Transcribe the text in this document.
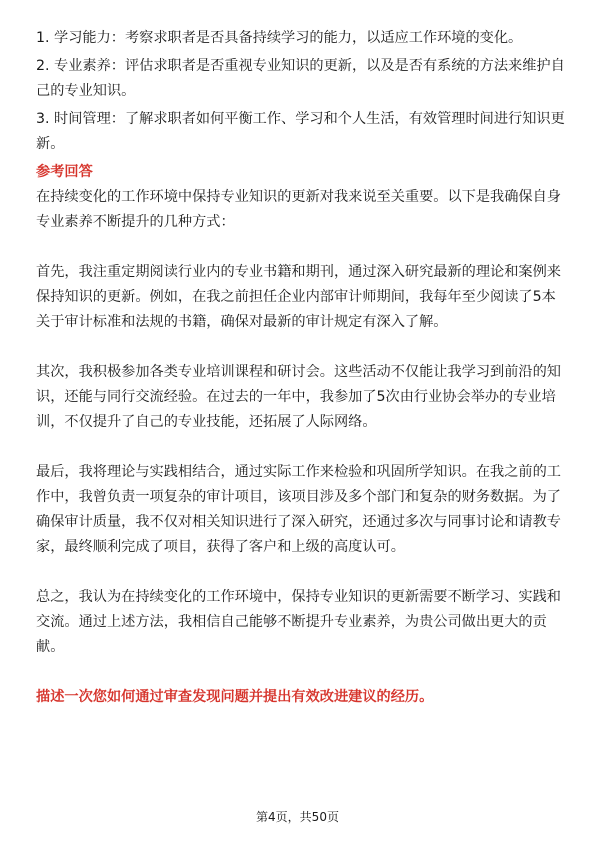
1. 学习能力：考察求职者是否具备持续学习的能力，以适应工作环境的变化。

2. 专业素养：评估求职者是否重视专业知识的更新，以及是否有系统的方法来维护自己的专业知识。

3. 时间管理：了解求职者如何平衡工作、学习和个人生活，有效管理时间进行知识更新。

参考回答

在持续变化的工作环境中保持专业知识的更新对我来说至关重要。以下是我确保自身专业素养不断提升的几种方式：

首先，我注重定期阅读行业内的专业书籍和期刊，通过深入研究最新的理论和案例来保持知识的更新。例如，在我之前担任企业内部审计师期间，我每年至少阅读了5本关于审计标准和法规的书籍，确保对最新的审计规定有深入了解。

其次，我积极参加各类专业培训课程和研讨会。这些活动不仅能让我学习到前沿的知识，还能与同行交流经验。在过去的一年中，我参加了5次由行业协会举办的专业培训，不仅提升了自己的专业技能，还拓展了人际网络。

最后，我将理论与实践相结合，通过实际工作来检验和巩固所学知识。在我之前的工作中，我曾负责一项复杂的审计项目，该项目涉及多个部门和复杂的财务数据。为了确保审计质量，我不仅对相关知识进行了深入研究，还通过多次与同事讨论和请教专家，最终顺利完成了项目，获得了客户和上级的高度认可。

总之，我认为在持续变化的工作环境中，保持专业知识的更新需要不断学习、实践和交流。通过上述方法，我相信自己能够不断提升专业素养，为贵公司做出更大的贡献。

描述一次您如何通过审查发现问题并提出有效改进建议的经历。

第4页，共50页
